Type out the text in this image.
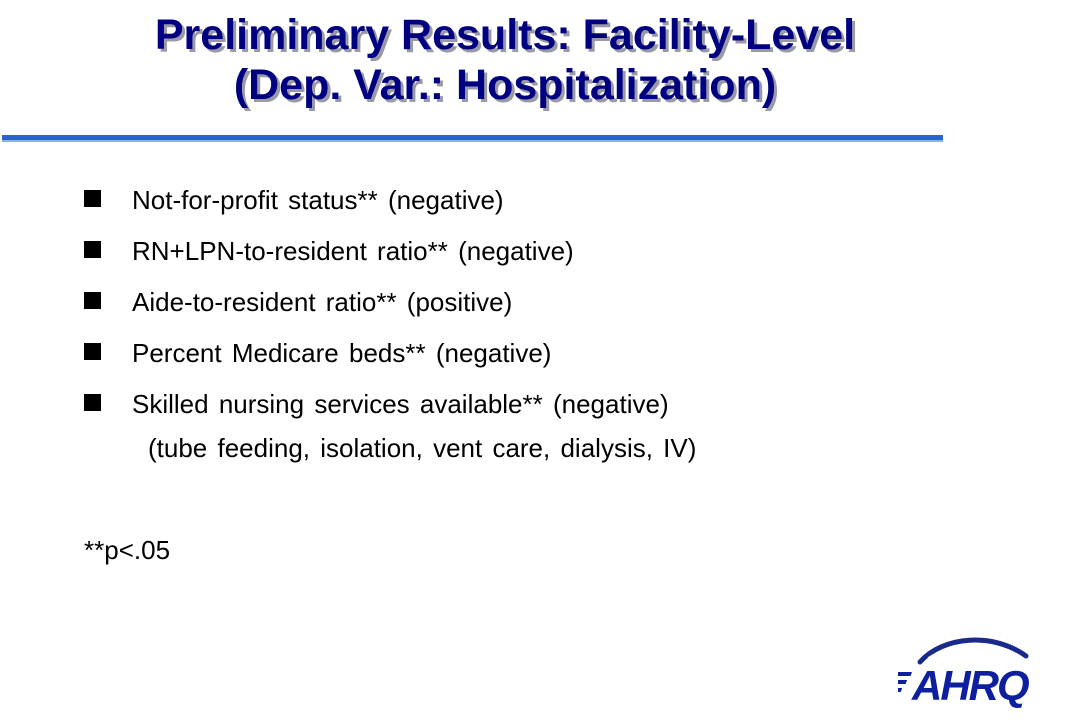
Preliminary Results: Facility-Level
(Dep. Var.: Hospitalization)
Not-for-profit status** (negative)
RN+LPN-to-resident ratio** (negative)
Aide-to-resident ratio** (positive)
Percent Medicare beds** (negative)
Skilled nursing services available** (negative)
(tube feeding, isolation, vent care, dialysis, IV)
**p<.05
AHRQ
